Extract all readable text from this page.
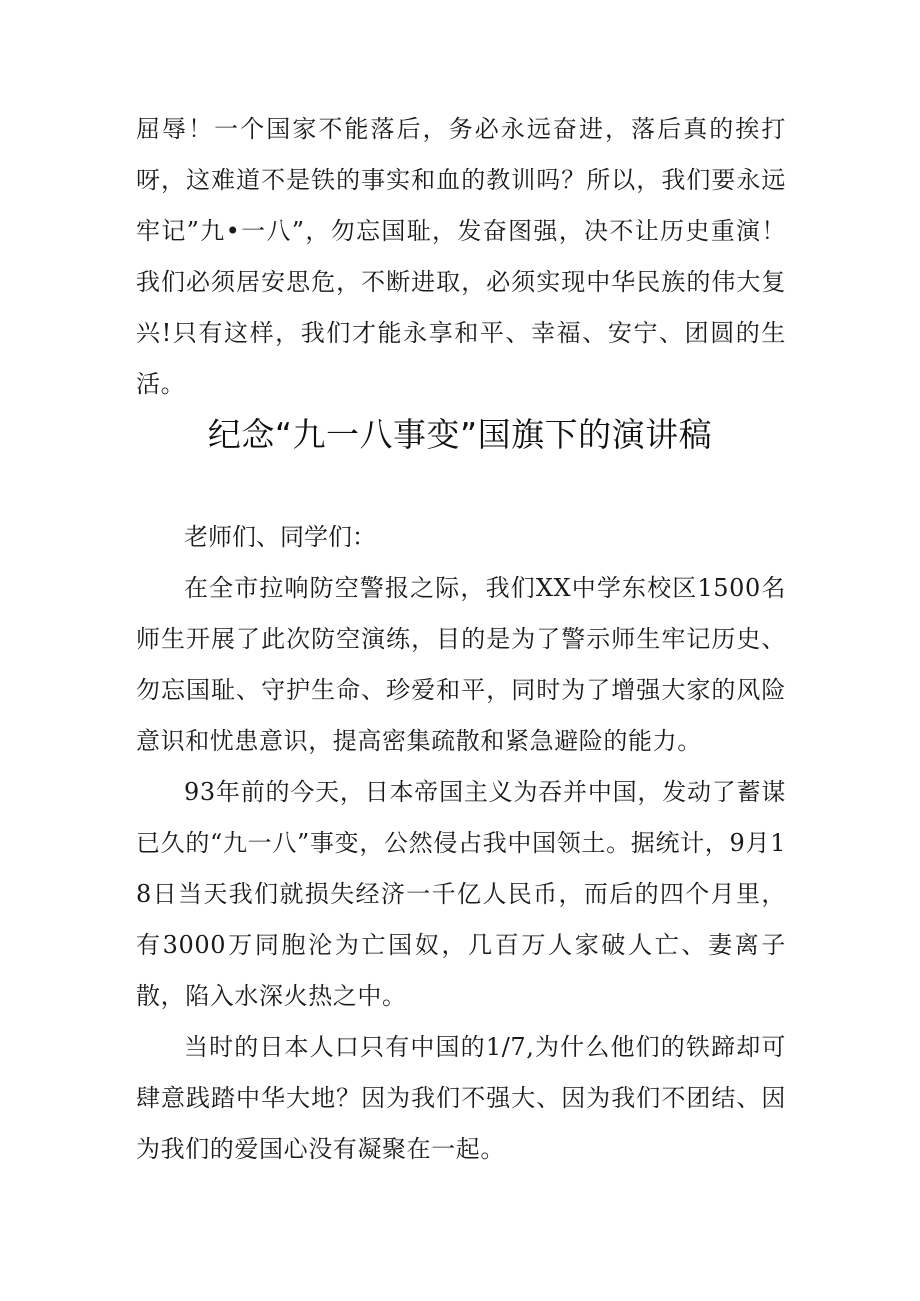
屈辱！一个国家不能落后，务必永远奋进，落后真的挨打呀，这难道不是铁的事实和血的教训吗？所以，我们要永远牢记”九•一八”，勿忘国耻，发奋图强，决不让历史重演！我们必须居安思危，不断进取，必须实现中华民族的伟大复兴!只有这样，我们才能永享和平、幸福、安宁、团圆的生活。

纪念“九一八事变”国旗下的演讲稿

老师们、同学们：

在全市拉响防空警报之际，我们XX中学东校区1500名师生开展了此次防空演练，目的是为了警示师生牢记历史、勿忘国耻、守护生命、珍爱和平，同时为了增强大家的风险意识和忧患意识，提高密集疏散和紧急避险的能力。

93年前的今天，日本帝国主义为吞并中国，发动了蓄谋已久的“九一八”事变，公然侵占我中国领土。据统计，9月18日当天我们就损失经济一千亿人民币，而后的四个月里，有3000万同胞沦为亡国奴，几百万人家破人亡、妻离子散，陷入水深火热之中。

当时的日本人口只有中国的1/7,为什么他们的铁蹄却可肆意践踏中华大地？因为我们不强大、因为我们不团结、因为我们的爱国心没有凝聚在一起。
